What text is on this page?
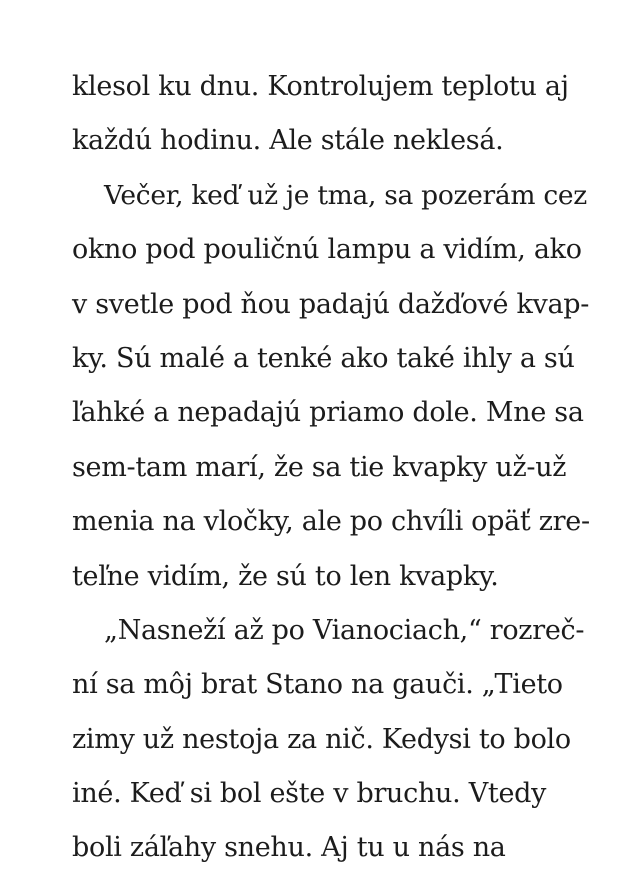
klesol ku dnu. Kontrolujem teplotu aj
každú hodinu. Ale stále neklesá.
Večer, keď už je tma, sa pozerám cez
okno pod pouličnú lampu a vidím, ako
v svetle pod ňou padajú dažďové kvap-
ky. Sú malé a tenké ako také ihly a sú
ľahké a nepadajú priamo dole. Mne sa
sem-tam marí, že sa tie kvapky už-už
menia na vločky, ale po chvíli opäť zre-
teľne vidím, že sú to len kvapky.
„Nasneží až po Vianociach,“ rozreč-
ní sa môj brat Stano na gauči. „Tieto
zimy už nestoja za nič. Kedysi to bolo
iné. Keď si bol ešte v bruchu. Vtedy
boli záľahy snehu. Aj tu u nás na
